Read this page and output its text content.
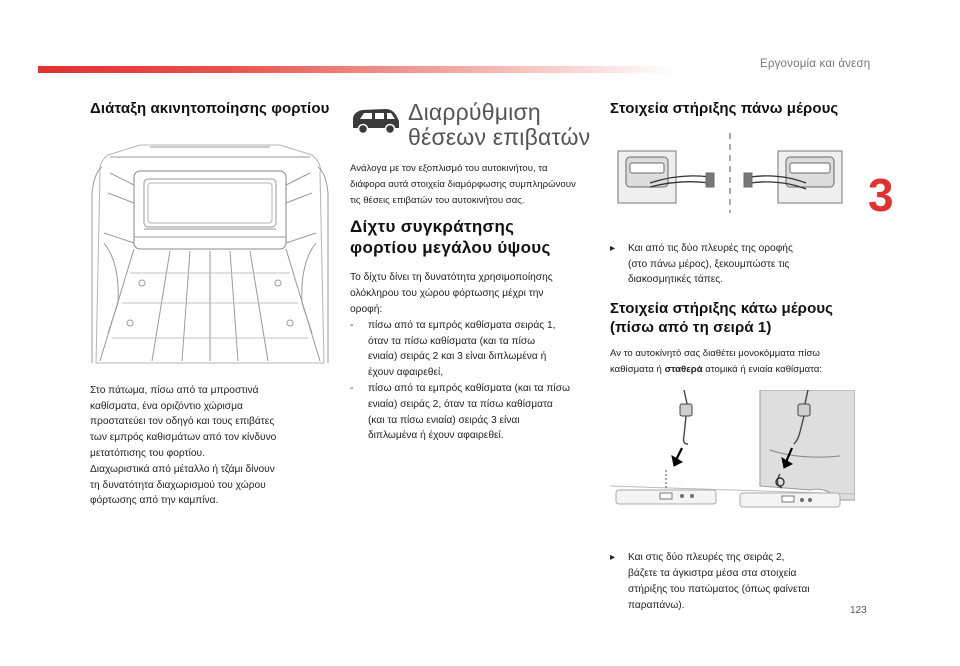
Εργονομία και άνεση
3
123
Διάταξη ακινητοποίησης φορτίου
Στο πάτωμα, πίσω από τα μπροστινά
καθίσματα, ένα οριζόντιο χώρισμα
προστατεύει τον οδηγό και τους επιβάτες
των εμπρός καθισμάτων από τον κίνδυνο
μετατόπισης του φορτίου.
Διαχωριστικά από μέταλλο ή τζάμι δίνουν
τη δυνατότητα διαχωρισμού του χώρου
φόρτωσης από την καμπίνα.
Διαρρύθμιση
θέσεων επιβατών
Ανάλογα με τον εξοπλισμό του αυτοκινήτου, τα
διάφορα αυτά στοιχεία διαμόρφωσης συμπληρώνουν
τις θέσεις επιβατών του αυτοκινήτου σας.
Δίχτυ συγκράτησης
φορτίου μεγάλου ύψους
Το δίχτυ δίνει τη δυνατότητα χρησιμοποίησης
ολόκληρου του χώρου φόρτωσης μέχρι την
οροφή:
-	πίσω από τα εμπρός καθίσματα σειράς 1,
όταν τα πίσω καθίσματα (και τα πίσω
ενιαία) σειράς 2 και 3 είναι διπλωμένα ή
έχουν αφαιρεθεί,
-	πίσω από τα εμπρός καθίσματα (και τα πίσω
ενιαία) σειράς 2, όταν τα πίσω καθίσματα
(και τα πίσω ενιαία) σειράς 3 είναι
διπλωμένα ή έχουν αφαιρεθεί.
Στοιχεία στήριξης πάνω μέρους
▸	Και από τις δύο πλευρές της οροφής
(στο πάνω μέρος), ξεκουμπώστε τις
διακοσμητικές τάπες.
Στοιχεία στήριξης κάτω μέρους
(πίσω από τη σειρά 1)
Αν το αυτοκίνητό σας διαθέτει μονοκόμματα πίσω
καθίσματα ή σταθερά ατομικά ή ενιαία καθίσματα:
▸	Και στις δύο πλευρές της σειράς 2,
βάζετε τα άγκιστρα μέσα στα στοιχεία
στήριξης του πατώματος (όπως φαίνεται
παραπάνω).
